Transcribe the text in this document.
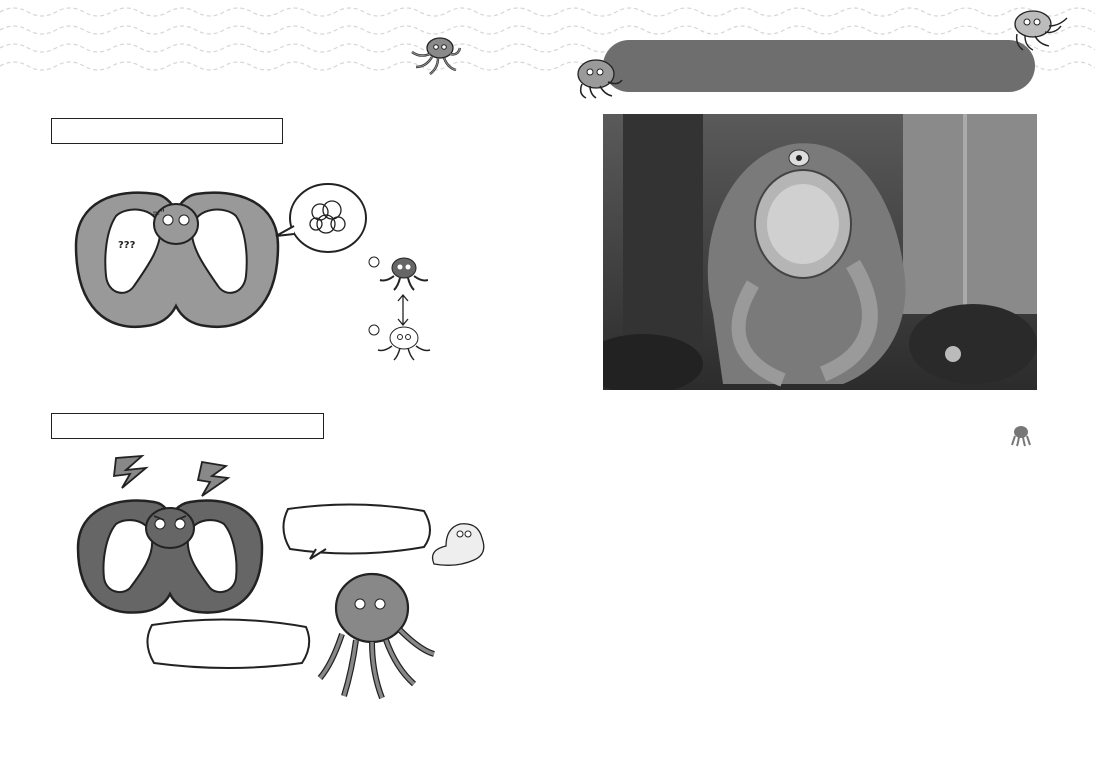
???
="
